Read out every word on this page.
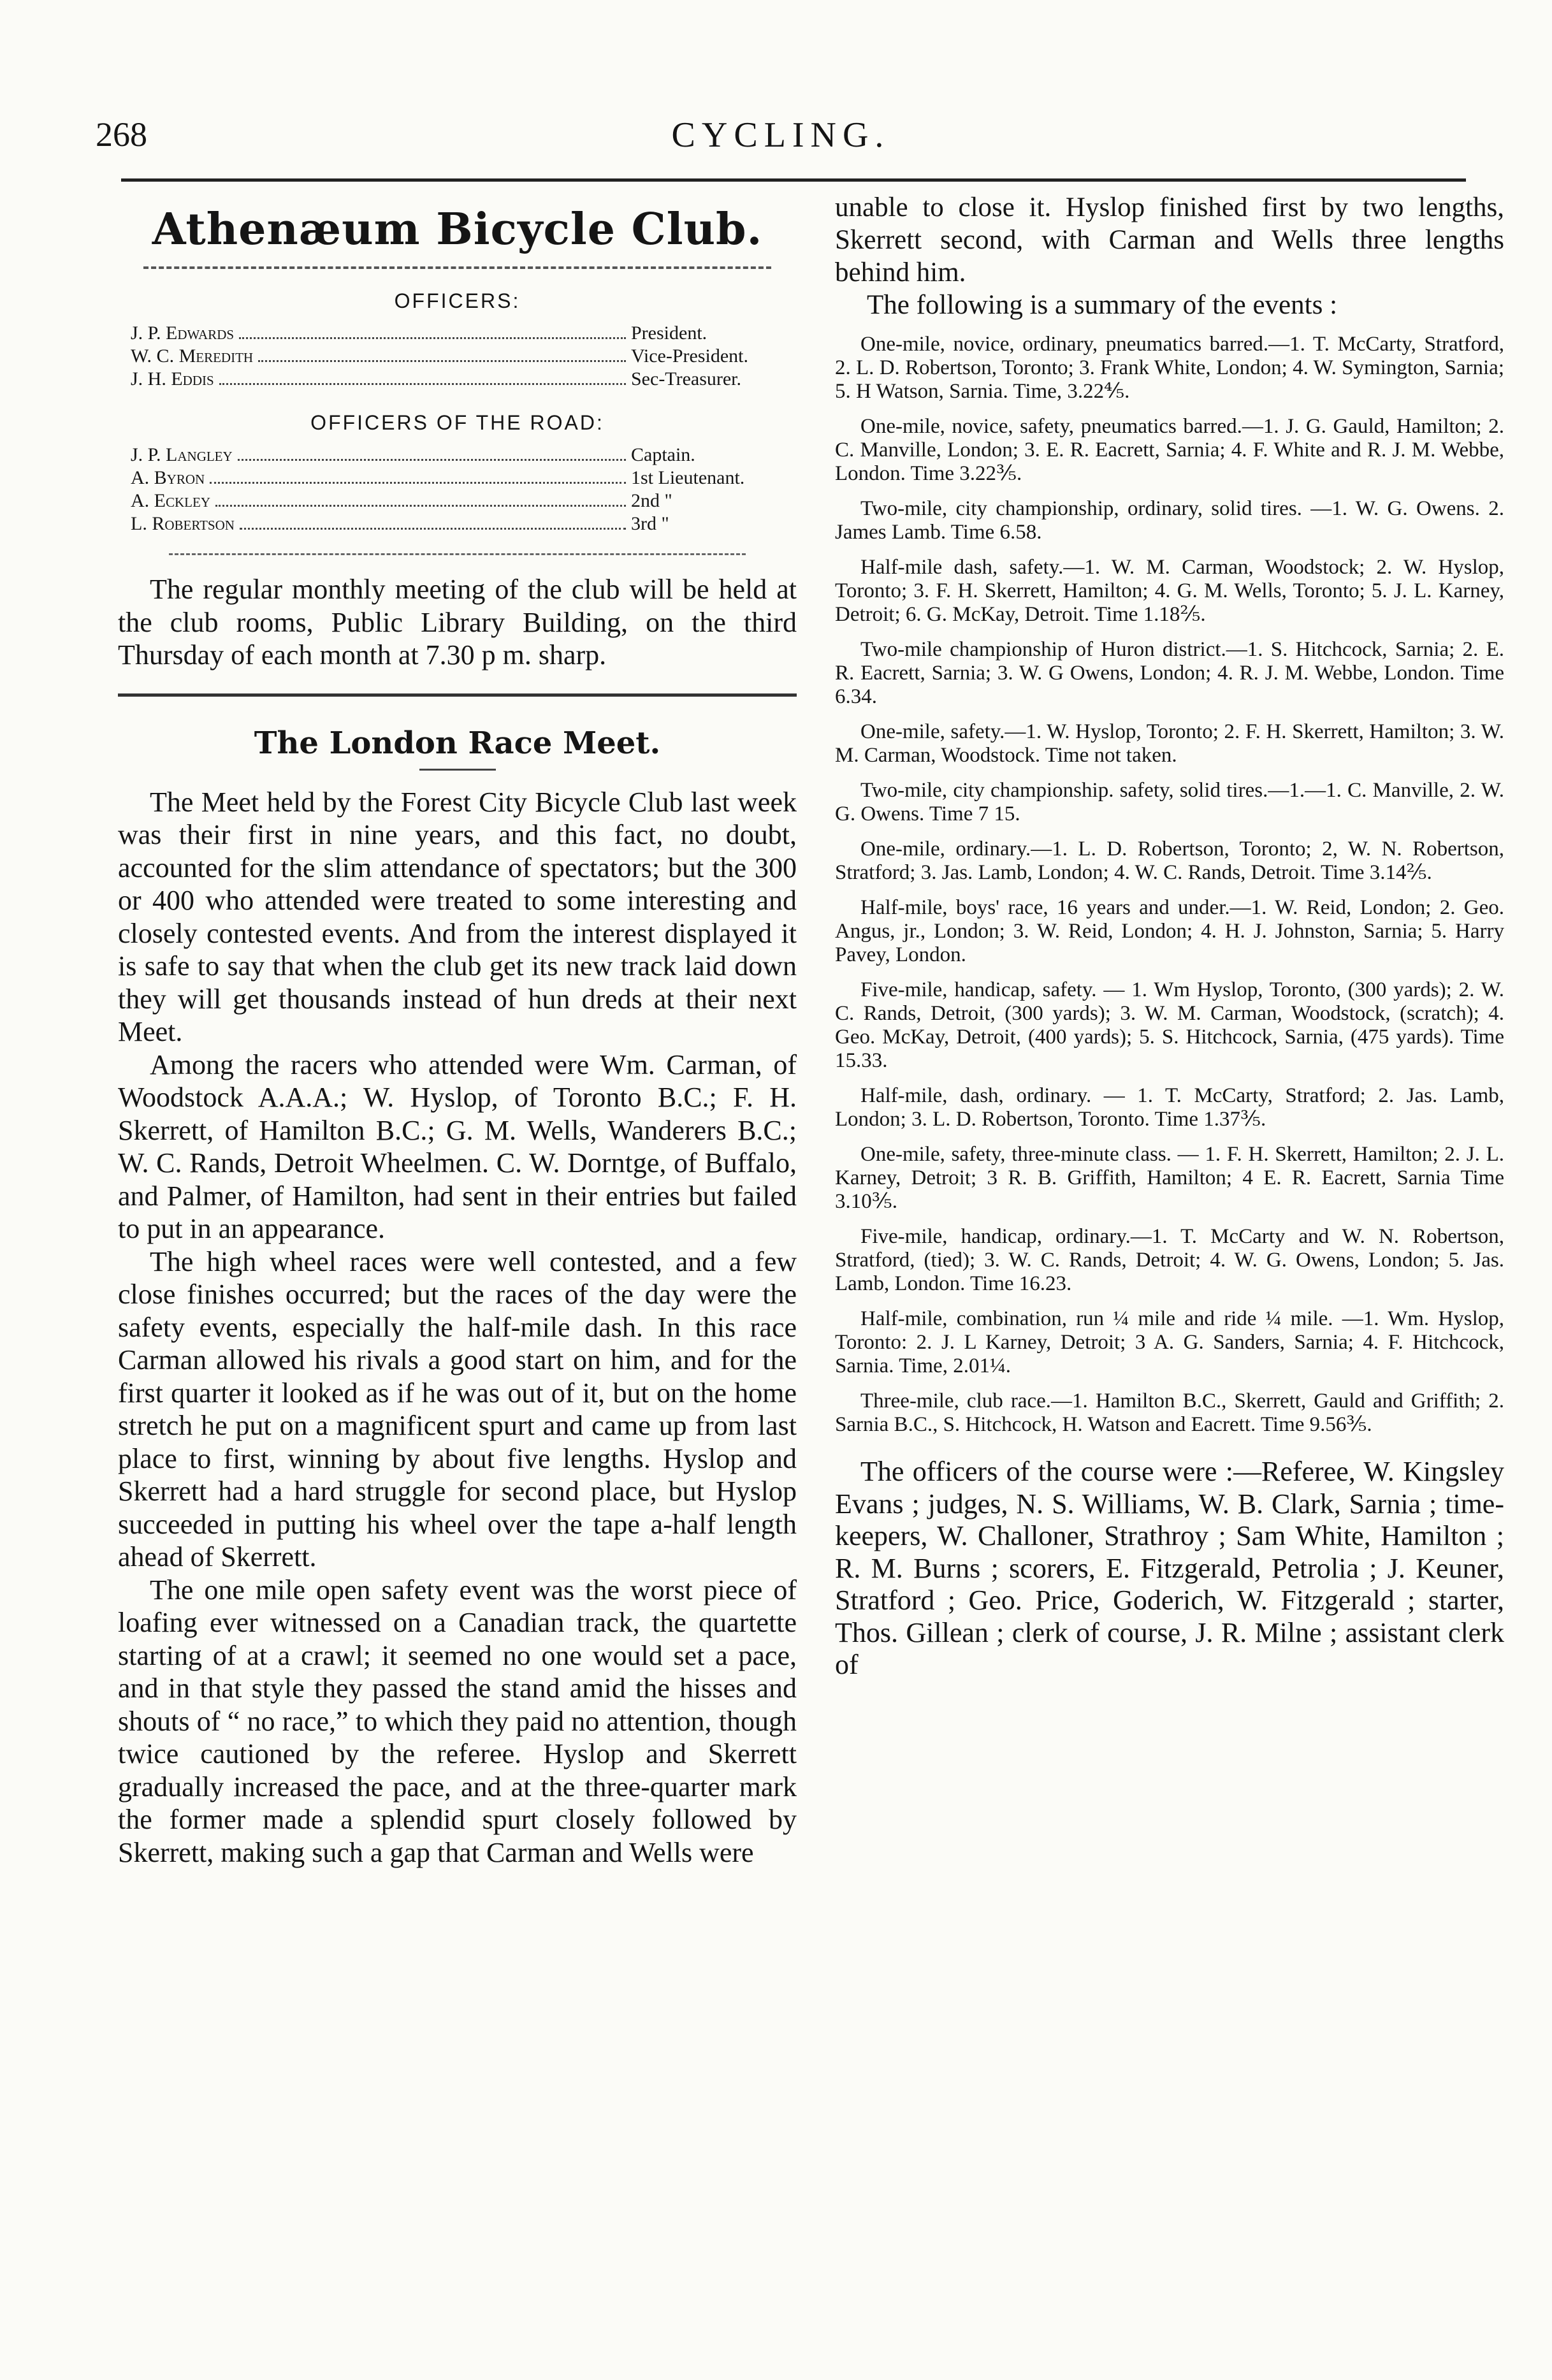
268	CYCLING.
Athenæum Bicycle Club.
OFFICERS:
J. P. Edwards	President.
W. C. Meredith	Vice-President.
J. H. Eddis	Sec-Treasurer.
OFFICERS OF THE ROAD:
J. P. Langley	Captain.
A. Byron	1st Lieutenant.
A. Eckley	2nd "
L. Robertson	3rd "

The regular monthly meeting of the club will be held at the club rooms, Public Library Building, on the third Thursday of each month at 7.30 p m. sharp.

The London Race Meet.

The Meet held by the Forest City Bicycle Club last week was their first in nine years, and this fact, no doubt, accounted for the slim attendance of spectators; but the 300 or 400 who attended were treated to some interesting and closely contested events. And from the interest displayed it is safe to say that when the club get its new track laid down they will get thousands instead of hun dreds at their next Meet.

Among the racers who attended were Wm. Carman, of Woodstock A.A.A.; W. Hyslop, of Toronto B.C.; F. H. Skerrett, of Hamilton B.C.; G. M. Wells, Wanderers B.C.; W. C. Rands, Detroit Wheelmen. C. W. Dorntge, of Buffalo, and Palmer, of Hamilton, had sent in their entries but failed to put in an appearance.

The high wheel races were well contested, and a few close finishes occurred; but the races of the day were the safety events, especially the half-mile dash. In this race Carman allowed his rivals a good start on him, and for the first quarter it looked as if he was out of it, but on the home stretch he put on a magnificent spurt and came up from last place to first, winning by about five lengths. Hyslop and Skerrett had a hard struggle for second place, but Hyslop succeeded in putting his wheel over the tape a-half length ahead of Skerrett.

The one mile open safety event was the worst piece of loafing ever witnessed on a Canadian track, the quartette starting of at a crawl; it seemed no one would set a pace, and in that style they passed the stand amid the hisses and shouts of “ no race,” to which they paid no attention, though twice cautioned by the referee. Hyslop and Skerrett gradually increased the pace, and at the three-quarter mark the former made a splendid spurt closely followed by Skerrett, making such a gap that Carman and Wells were

unable to close it. Hyslop finished first by two lengths, Skerrett second, with Carman and Wells three lengths behind him.

The following is a summary of the events :

One-mile, novice, ordinary, pneumatics barred.—1. T. McCarty, Stratford, 2. L. D. Robertson, Toronto; 3. Frank White, London; 4. W. Symington, Sarnia; 5. H Watson, Sarnia. Time, 3.22⅘.

One-mile, novice, safety, pneumatics barred.—1. J. G. Gauld, Hamilton; 2. C. Manville, London; 3. E. R. Eacrett, Sarnia; 4. F. White and R. J. M. Webbe, London. Time 3.22⅗.

Two-mile, city championship, ordinary, solid tires. —1. W. G. Owens. 2. James Lamb. Time 6.58.

Half-mile dash, safety.—1. W. M. Carman, Woodstock; 2. W. Hyslop, Toronto; 3. F. H. Skerrett, Hamilton; 4. G. M. Wells, Toronto; 5. J. L. Karney, Detroit; 6. G. McKay, Detroit. Time 1.18⅖.

Two-mile championship of Huron district.—1. S. Hitchcock, Sarnia; 2. E. R. Eacrett, Sarnia; 3. W. G Owens, London; 4. R. J. M. Webbe, London. Time 6.34.

One-mile, safety.—1. W. Hyslop, Toronto; 2. F. H. Skerrett, Hamilton; 3. W. M. Carman, Woodstock. Time not taken.

Two-mile, city championship. safety, solid tires.—1.—1. C. Manville, 2. W. G. Owens. Time 7 15.

One-mile, ordinary.—1. L. D. Robertson, Toronto; 2, W. N. Robertson, Stratford; 3. Jas. Lamb, London; 4. W. C. Rands, Detroit. Time 3.14⅖.

Half-mile, boys' race, 16 years and under.—1. W. Reid, London; 2. Geo. Angus, jr., London; 3. W. Reid, London; 4. H. J. Johnston, Sarnia; 5. Harry Pavey, London.

Five-mile, handicap, safety. — 1. Wm Hyslop, Toronto, (300 yards); 2. W. C. Rands, Detroit, (300 yards); 3. W. M. Carman, Woodstock, (scratch); 4. Geo. McKay, Detroit, (400 yards); 5. S. Hitchcock, Sarnia, (475 yards). Time 15.33.

Half-mile, dash, ordinary. — 1. T. McCarty, Stratford; 2. Jas. Lamb, London; 3. L. D. Robertson, Toronto. Time 1.37⅗.

One-mile, safety, three-minute class. — 1. F. H. Skerrett, Hamilton; 2. J. L. Karney, Detroit; 3 R. B. Griffith, Hamilton; 4 E. R. Eacrett, Sarnia Time 3.10⅗.

Five-mile, handicap, ordinary.—1. T. McCarty and W. N. Robertson, Stratford, (tied); 3. W. C. Rands, Detroit; 4. W. G. Owens, London; 5. Jas. Lamb, London. Time 16.23.

Half-mile, combination, run ¼ mile and ride ¼ mile. —1. Wm. Hyslop, Toronto: 2. J. L Karney, Detroit; 3 A. G. Sanders, Sarnia; 4. F. Hitchcock, Sarnia. Time, 2.01¼.

Three-mile, club race.—1. Hamilton B.C., Skerrett, Gauld and Griffith; 2. Sarnia B.C., S. Hitchcock, H. Watson and Eacrett. Time 9.56⅗.

The officers of the course were :—Referee, W. Kingsley Evans ; judges, N. S. Williams, W. B. Clark, Sarnia ; time-keepers, W. Challoner, Strathroy ; Sam White, Hamilton ; R. M. Burns ; scorers, E. Fitzgerald, Petrolia ; J. Keuner, Stratford ; Geo. Price, Goderich, W. Fitzgerald ; starter, Thos. Gillean ; clerk of course, J. R. Milne ; assistant clerk of
